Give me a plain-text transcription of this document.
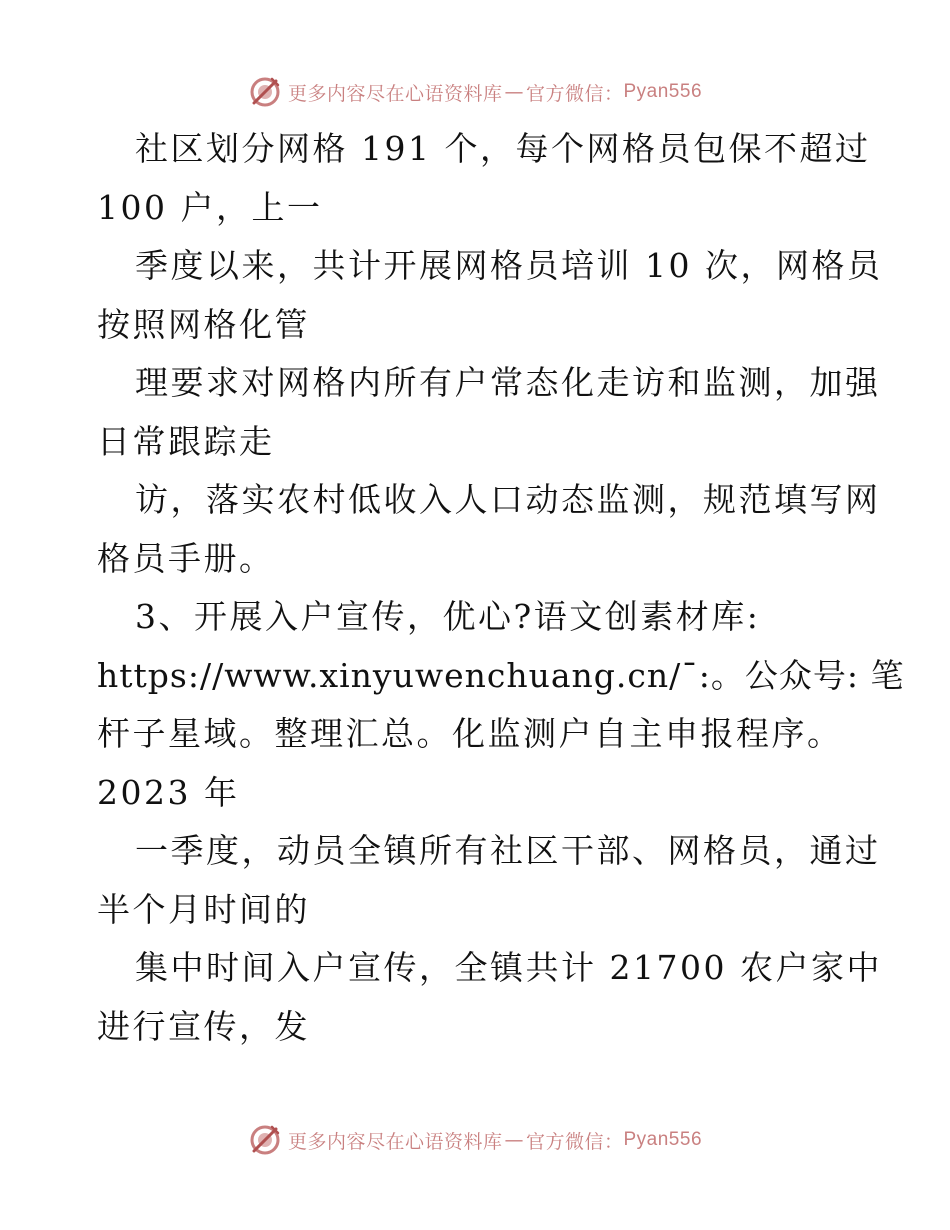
更多内容尽在心语资料库 — 官方微信： Pyan556
社区划分网格 191 个，每个网格员包保不超过
100 户，上一
季度以来，共计开展网格员培训 10 次，网格员
按照网格化管
理要求对网格内所有户常态化走访和监测，加强
日常跟踪走
访，落实农村低收入人口动态监测，规范填写网
格员手册。
3、开展入户宣传，优心?语文创素材库:
https://www.xinyuwenchuang.cn/¯:。公众号: 笔
杆子星域。整理汇总。化监测户自主申报程序。
2023 年
一季度，动员全镇所有社区干部、网格员，通过
半个月时间的
集中时间入户宣传，全镇共计 21700 农户家中
进行宣传，发
更多内容尽在心语资料库 — 官方微信： Pyan556
